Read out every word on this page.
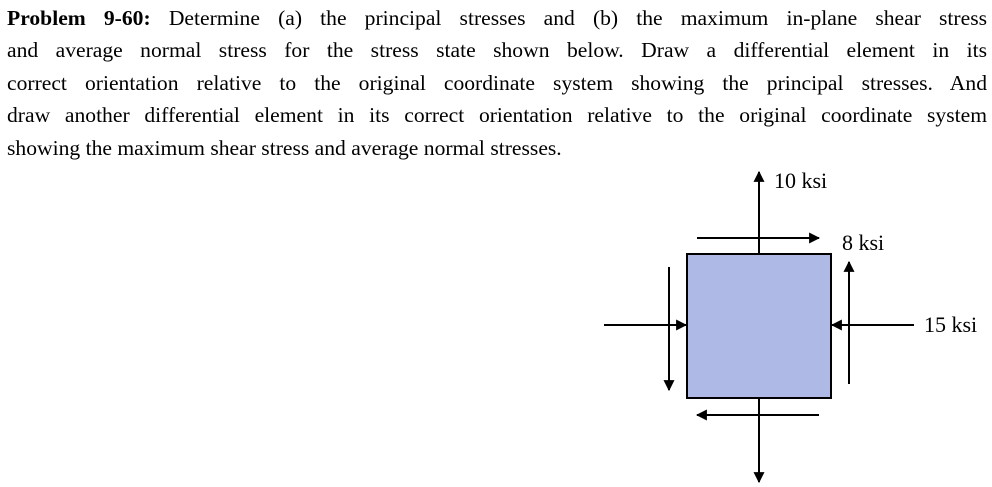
Problem 9-60: Determine (a) the principal stresses and (b) the maximum in-plane shear stress
and average normal stress for the stress state shown below. Draw a differential element in its
correct orientation relative to the original coordinate system showing the principal stresses. And
draw another differential element in its correct orientation relative to the original coordinate system
showing the maximum shear stress and average normal stresses.
10 ksi
8 ksi
15 ksi
